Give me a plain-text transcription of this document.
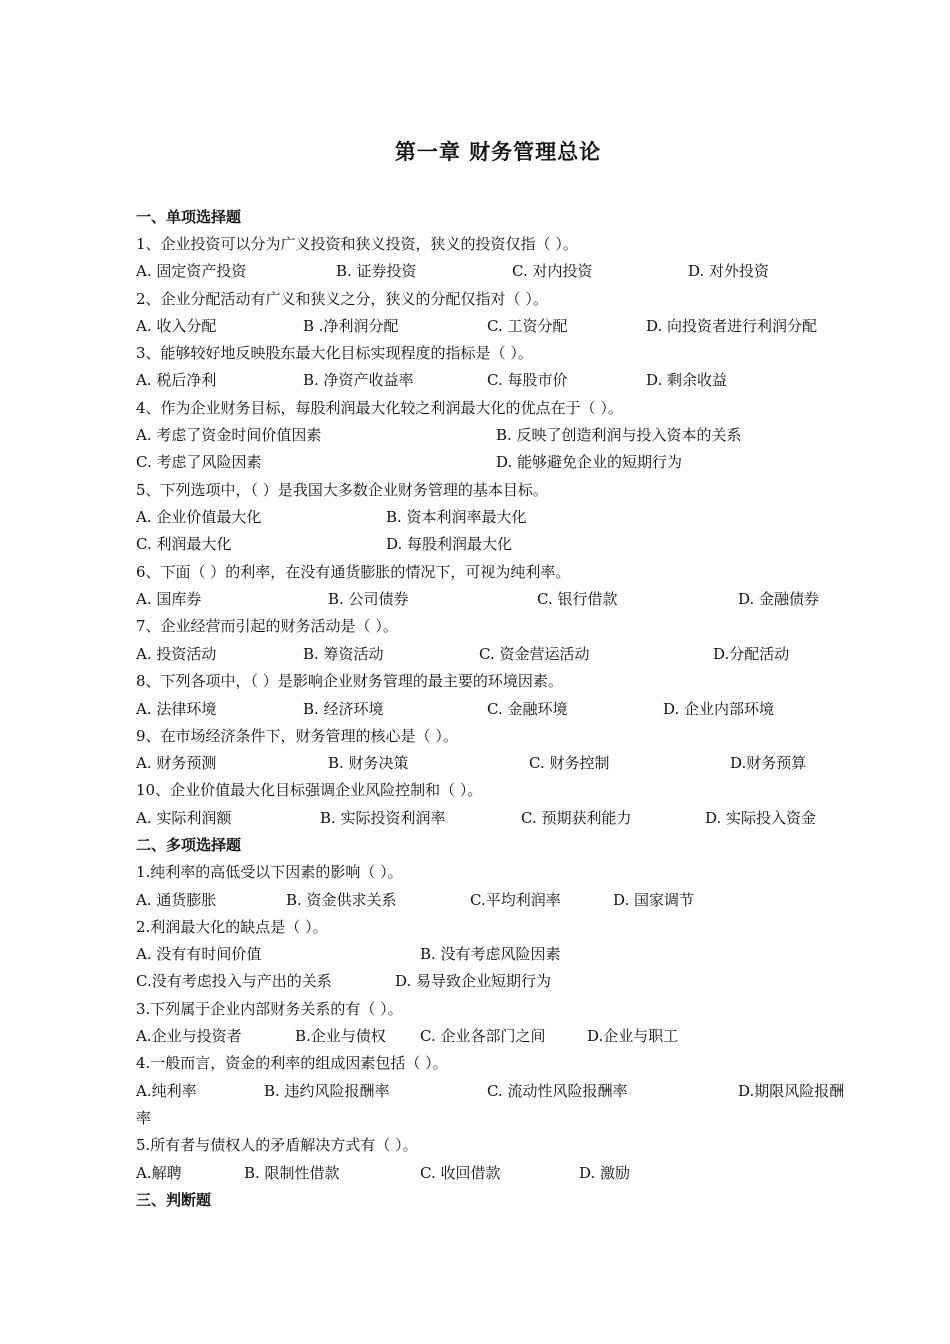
第一章 财务管理总论
一、单项选择题
1、企业投资可以分为广义投资和狭义投资，狭义的投资仅指（ ）。
A. 固定资产投资	B. 证券投资	C. 对内投资	D. 对外投资
2、企业分配活动有广义和狭义之分，狭义的分配仅指对（ ）。
A. 收入分配	B .净利润分配	C. 工资分配	D. 向投资者进行利润分配
3、能够较好地反映股东最大化目标实现程度的指标是（ ）。
A. 税后净利	B. 净资产收益率	C. 每股市价	D. 剩余收益
4、作为企业财务目标，每股利润最大化较之利润最大化的优点在于（ ）。
A. 考虑了资金时间价值因素	B. 反映了创造利润与投入资本的关系
C. 考虑了风险因素	D. 能够避免企业的短期行为
5、下列选项中，（ ）是我国大多数企业财务管理的基本目标。
A. 企业价值最大化	B. 资本利润率最大化
C. 利润最大化	D. 每股利润最大化
6、下面（ ）的利率，在没有通货膨胀的情况下，可视为纯利率。
A. 国库券	B. 公司债券	C. 银行借款	D. 金融债券
7、企业经营而引起的财务活动是（ ）。
A. 投资活动	B. 筹资活动	C. 资金营运活动	D.分配活动
8、下列各项中，（ ）是影响企业财务管理的最主要的环境因素。
A. 法律环境	B. 经济环境	C. 金融环境	D. 企业内部环境
9、在市场经济条件下，财务管理的核心是（ ）。
A. 财务预测	B. 财务决策	C. 财务控制	D.财务预算
10、企业价值最大化目标强调企业风险控制和（ ）。
A. 实际利润额	B. 实际投资利润率	C. 预期获利能力	D. 实际投入资金
二、多项选择题
1.纯利率的高低受以下因素的影响（ ）。
A. 通货膨胀	B. 资金供求关系	C.平均利润率	D. 国家调节
2.利润最大化的缺点是（ ）。
A. 没有有时间价值	B. 没有考虑风险因素
C.没有考虑投入与产出的关系	D. 易导致企业短期行为
3.下列属于企业内部财务关系的有（ ）。
A.企业与投资者	B.企业与债权 C. 企业各部门之间	D.企业与职工
4.一般而言，资金的利率的组成因素包括（ ）。
A.纯利率	B. 违约风险报酬率	C. 流动性风险报酬率	D.期限风险报酬
率
5.所有者与债权人的矛盾解决方式有（ ）。
A.解聘	B. 限制性借款	C. 收回借款	D. 激励
三、判断题
